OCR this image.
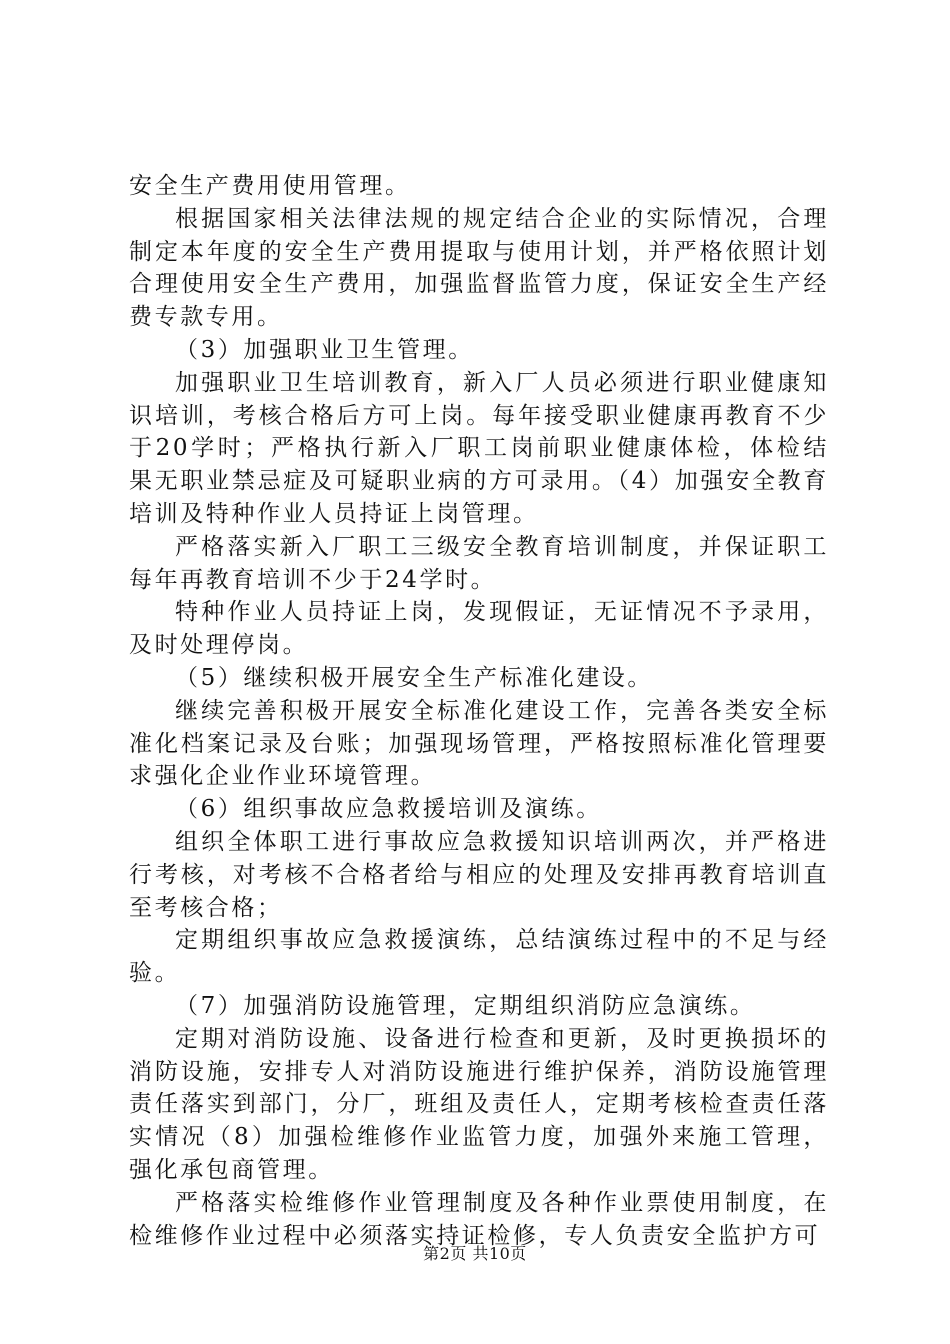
安全生产费用使用管理。

根据国家相关法律法规的规定结合企业的实际情况，合理制定本年度的安全生产费用提取与使用计划，并严格依照计划合理使用安全生产费用，加强监督监管力度，保证安全生产经费专款专用。

（3）加强职业卫生管理。

加强职业卫生培训教育，新入厂人员必须进行职业健康知识培训，考核合格后方可上岗。每年接受职业健康再教育不少于20学时；严格执行新入厂职工岗前职业健康体检，体检结果无职业禁忌症及可疑职业病的方可录用。（4）加强安全教育培训及特种作业人员持证上岗管理。

严格落实新入厂职工三级安全教育培训制度，并保证职工每年再教育培训不少于24学时。

特种作业人员持证上岗，发现假证，无证情况不予录用，及时处理停岗。

（5）继续积极开展安全生产标准化建设。

继续完善积极开展安全标准化建设工作，完善各类安全标准化档案记录及台账；加强现场管理，严格按照标准化管理要求强化企业作业环境管理。

（6）组织事故应急救援培训及演练。

组织全体职工进行事故应急救援知识培训两次，并严格进行考核，对考核不合格者给与相应的处理及安排再教育培训直至考核合格；

定期组织事故应急救援演练，总结演练过程中的不足与经验。

（7）加强消防设施管理，定期组织消防应急演练。

定期对消防设施、设备进行检查和更新，及时更换损坏的消防设施，安排专人对消防设施进行维护保养，消防设施管理责任落实到部门，分厂，班组及责任人，定期考核检查责任落实情况（8）加强检维修作业监管力度，加强外来施工管理，强化承包商管理。

严格落实检维修作业管理制度及各种作业票使用制度，在检维修作业过程中必须落实持证检修，专人负责安全监护方可

第2页 共10页
